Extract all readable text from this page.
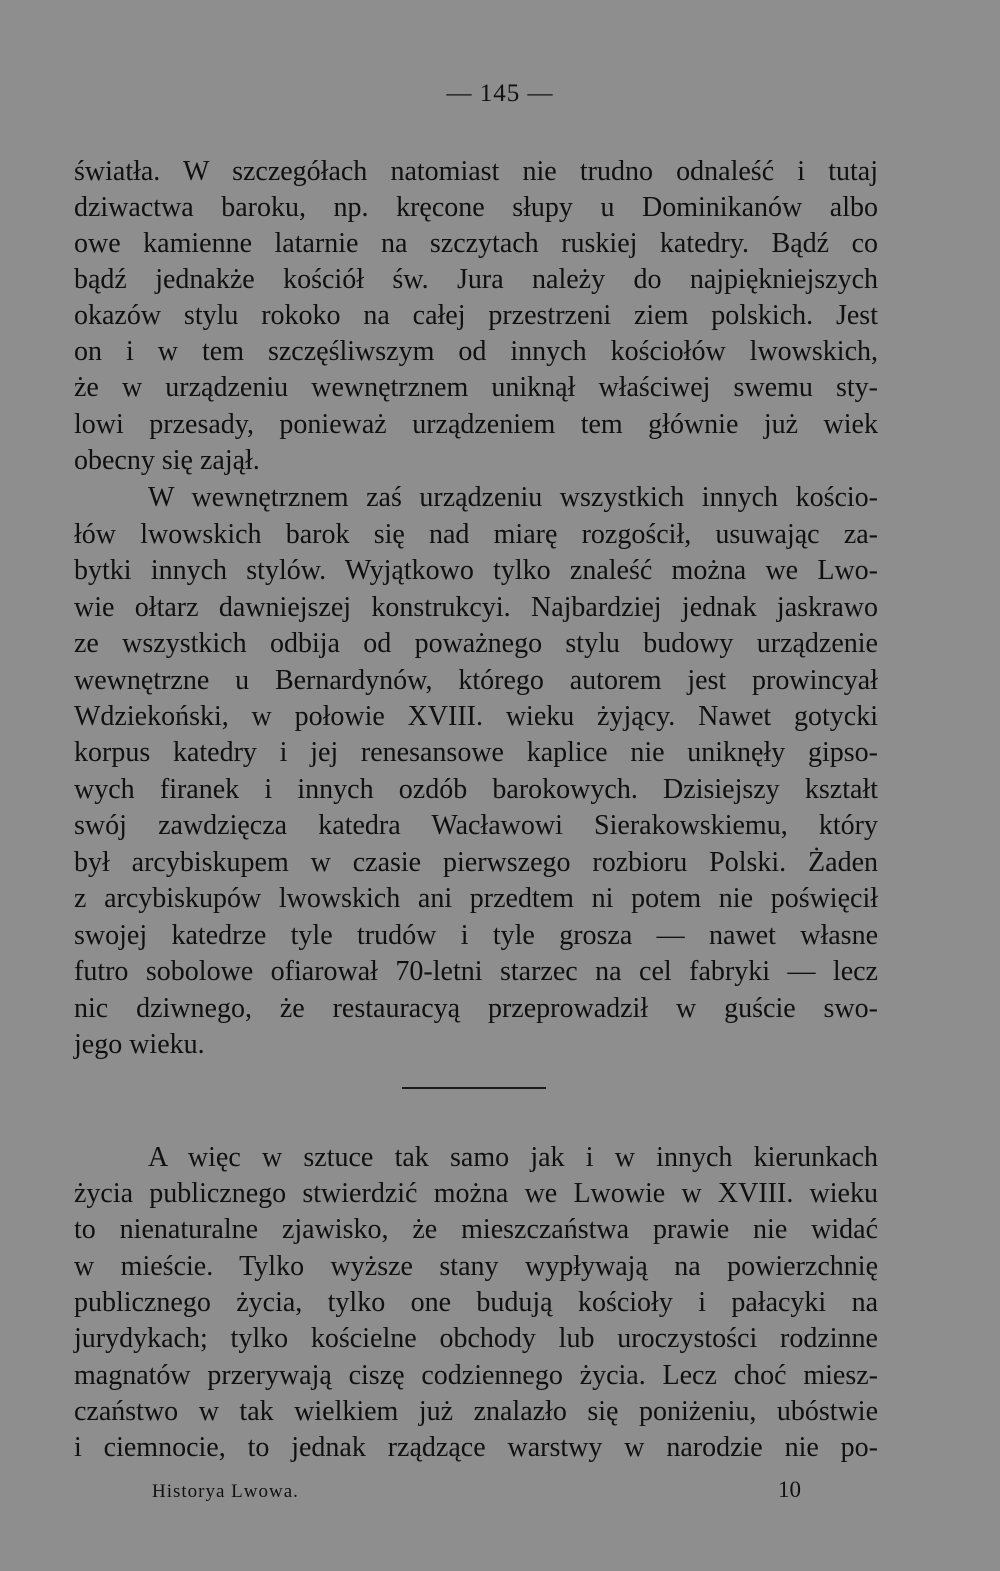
— 145 —
światła. W szczegółach natomiast nie trudno odnaleść i tutaj
dziwactwa baroku, np. kręcone słupy u Dominikanów albo
owe kamienne latarnie na szczytach ruskiej katedry. Bądź co
bądź jednakże kościół św. Jura należy do najpiękniejszych
okazów stylu rokoko na całej przestrzeni ziem polskich. Jest
on i w tem szczęśliwszym od innych kościołów lwowskich,
że w urządzeniu wewnętrznem uniknął właściwej swemu sty-
lowi przesady, ponieważ urządzeniem tem głównie już wiek
obecny się zajął.
W wewnętrznem zaś urządzeniu wszystkich innych kościo-
łów lwowskich barok się nad miarę rozgościł, usuwając za-
bytki innych stylów. Wyjątkowo tylko znaleść można we Lwo-
wie ołtarz dawniejszej konstrukcyi. Najbardziej jednak jaskrawo
ze wszystkich odbija od poważnego stylu budowy urządzenie
wewnętrzne u Bernardynów, którego autorem jest prowincyał
Wdziekoński, w połowie XVIII. wieku żyjący. Nawet gotycki
korpus katedry i jej renesansowe kaplice nie uniknęły gipso-
wych firanek i innych ozdób barokowych. Dzisiejszy kształt
swój zawdzięcza katedra Wacławowi Sierakowskiemu, który
był arcybiskupem w czasie pierwszego rozbioru Polski. Żaden
z arcybiskupów lwowskich ani przedtem ni potem nie poświęcił
swojej katedrze tyle trudów i tyle grosza — nawet własne
futro sobolowe ofiarował 70-letni starzec na cel fabryki — lecz
nic dziwnego, że restauracyą przeprowadził w guście swo-
jego wieku.
A więc w sztuce tak samo jak i w innych kierunkach
życia publicznego stwierdzić można we Lwowie w XVIII. wieku
to nienaturalne zjawisko, że mieszczaństwa prawie nie widać
w mieście. Tylko wyższe stany wypływają na powierzchnię
publicznego życia, tylko one budują kościoły i pałacyki na
jurydykach; tylko kościelne obchody lub uroczystości rodzinne
magnatów przerywają ciszę codziennego życia. Lecz choć miesz-
czaństwo w tak wielkiem już znalazło się poniżeniu, ubóstwie
i ciemnocie, to jednak rządzące warstwy w narodzie nie po-
Historya Lwowa.	10
